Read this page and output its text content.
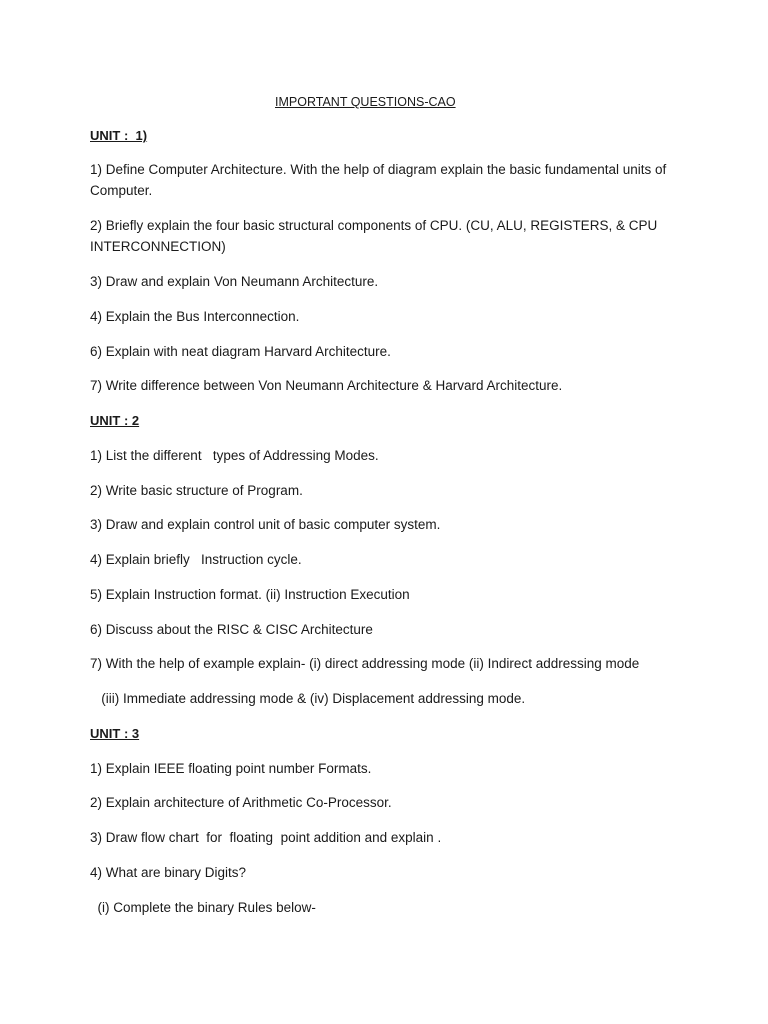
IMPORTANT QUESTIONS-CAO

UNIT :  1)

1) Define Computer Architecture. With the help of diagram explain the basic fundamental units of Computer.

2) Briefly explain the four basic structural components of CPU. (CU, ALU, REGISTERS, & CPU INTERCONNECTION)

3) Draw and explain Von Neumann Architecture.

4) Explain the Bus Interconnection.

6) Explain with neat diagram Harvard Architecture.

7) Write difference between Von Neumann Architecture & Harvard Architecture.

UNIT : 2

1) List the different   types of Addressing Modes.

2) Write basic structure of Program.

3) Draw and explain control unit of basic computer system.

4) Explain briefly   Instruction cycle.

5) Explain Instruction format. (ii) Instruction Execution

6) Discuss about the RISC & CISC Architecture

7) With the help of example explain- (i) direct addressing mode (ii) Indirect addressing mode

(iii) Immediate addressing mode & (iv) Displacement addressing mode.

UNIT : 3

1) Explain IEEE floating point number Formats.

2) Explain architecture of Arithmetic Co-Processor.

3) Draw flow chart  for  floating  point addition and explain .

4) What are binary Digits?

(i) Complete the binary Rules below-
